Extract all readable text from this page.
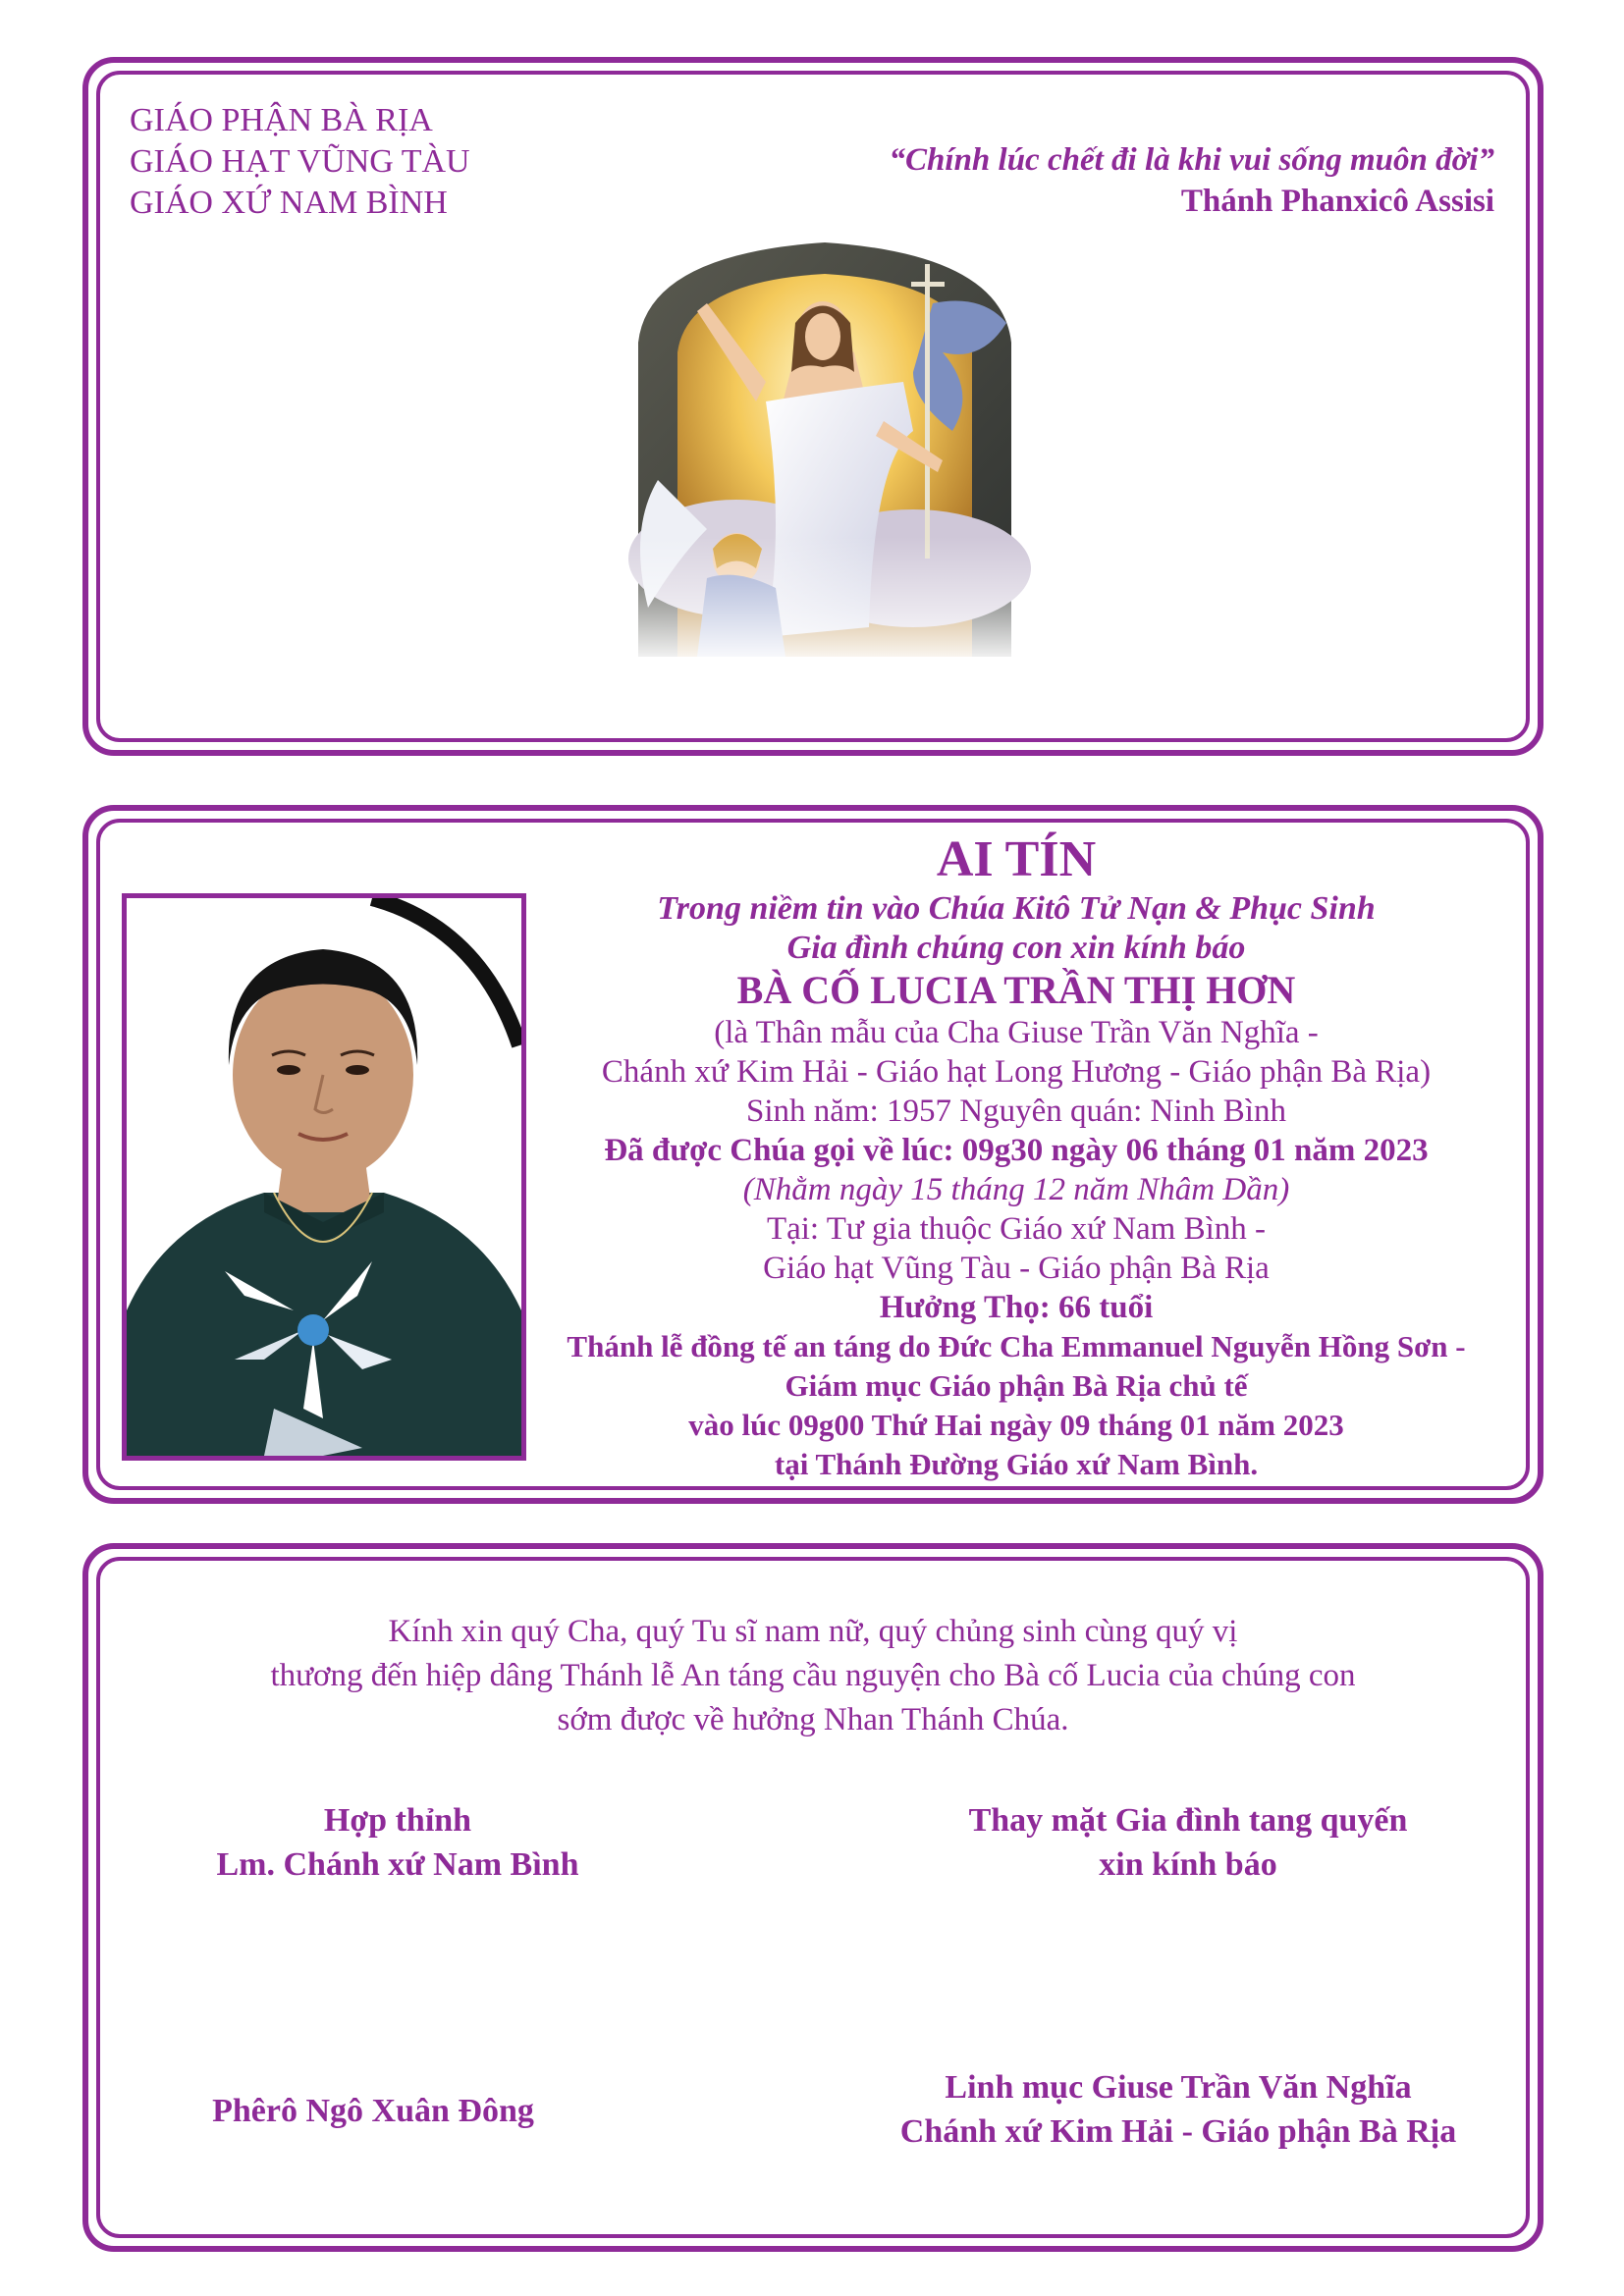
GIÁO PHẬN BÀ RỊA
GIÁO HẠT VŨNG TÀU
GIÁO XỨ NAM BÌNH
“Chính lúc chết đi là khi vui sống muôn đời”
Thánh Phanxicô Assisi
AI TÍN
Trong niềm tin vào Chúa Kitô Tử Nạn & Phục Sinh
Gia đình chúng con xin kính báo
BÀ CỐ LUCIA TRẦN THỊ HƠN
(là Thân mẫu của Cha Giuse Trần Văn Nghĩa -
Chánh xứ Kim Hải - Giáo hạt Long Hương - Giáo phận Bà Rịa)
Sinh năm: 1957 Nguyên quán: Ninh Bình
Đã được Chúa gọi về lúc: 09g30 ngày 06 tháng 01 năm 2023
(Nhằm ngày 15 tháng 12 năm Nhâm Dần)
Tại: Tư gia thuộc Giáo xứ Nam Bình -
Giáo hạt Vũng Tàu - Giáo phận Bà Rịa
Hưởng Thọ: 66 tuổi
Thánh lễ đồng tế an táng do Đức Cha Emmanuel Nguyễn Hồng Sơn -
Giám mục Giáo phận Bà Rịa chủ tế
vào lúc 09g00 Thứ Hai ngày 09 tháng 01 năm 2023
tại Thánh Đường Giáo xứ Nam Bình.
Kính xin quý Cha, quý Tu sĩ nam nữ, quý chủng sinh cùng quý vị
thương đến hiệp dâng Thánh lễ An táng cầu nguyện cho Bà cố Lucia của chúng con
sớm được về hưởng Nhan Thánh Chúa.
Hợp thỉnh
Lm. Chánh xứ Nam Bình
Thay mặt Gia đình tang quyến
xin kính báo
Phêrô Ngô Xuân Đông
Linh mục Giuse Trần Văn Nghĩa
Chánh xứ Kim Hải - Giáo phận Bà Rịa
